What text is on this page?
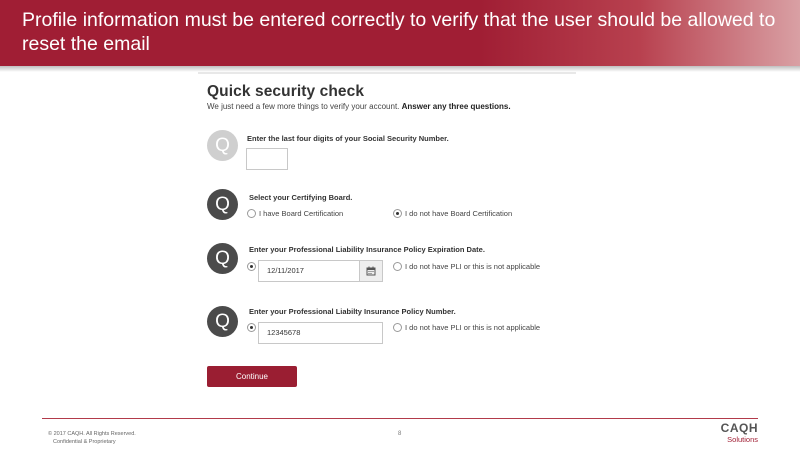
Profile information must be entered correctly to verify that the user should be allowed to reset the email
Quick security check
We just need a few more things to verify your account. Answer any three questions.
Q	Enter the last four digits of your Social Security Number.
Q	Select your Certifying Board.
I have Board Certification	I do not have Board Certification
Q	Enter your Professional Liability Insurance Policy Expiration Date.
12/11/2017	I do not have PLI or this is not applicable
Q	Enter your Professional Liabilty Insurance Policy Number.
12345678
I do not have PLI or this is not applicable
Continue
© 2017 CAQH. All Rights Reserved.
Confidential & Proprietary
8	CAQH
Solutions
